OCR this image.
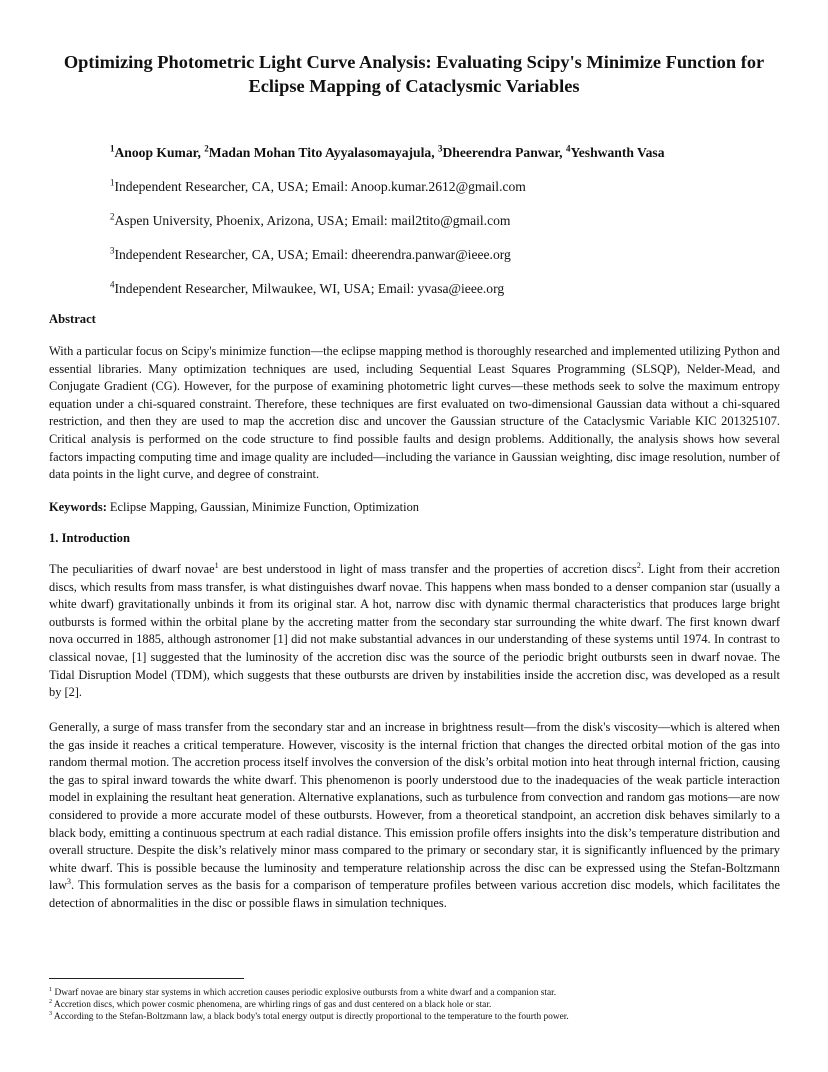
Optimizing Photometric Light Curve Analysis: Evaluating Scipy's Minimize Function for
Eclipse Mapping of Cataclysmic Variables
$^1$Anoop Kumar, $^2$Madan Mohan Tito Ayyalasomayajula, $^3$Dheerendra Panwar, $^4$Yeshwanth Vasa
$^1$Independent Researcher, CA, USA; Email: Anoop.kumar.2612@gmail.com
$^2$Aspen University, Phoenix, Arizona, USA; Email: mail2tito@gmail.com
$^3$Independent Researcher, CA, USA; Email: dheerendra.panwar@ieee.org
$^4$Independent Researcher, Milwaukee, WI, USA; Email: yvasa@ieee.org
Abstract
With a particular focus on Scipy's minimize function—the eclipse mapping method is thoroughly researched and implemented utilizing Python and essential libraries. Many optimization techniques are used, including Sequential Least Squares Programming (SLSQP), Nelder-Mead, and Conjugate Gradient (CG). However, for the purpose of examining photometric light curves—these methods seek to solve the maximum entropy equation under a chi-squared constraint. Therefore, these techniques are first evaluated on two-dimensional Gaussian data without a chi-squared restriction, and then they are used to map the accretion disc and uncover the Gaussian structure of the Cataclysmic Variable KIC 201325107. Critical analysis is performed on the code structure to find possible faults and design problems. Additionally, the analysis shows how several factors impacting computing time and image quality are included—including the variance in Gaussian weighting, disc image resolution, number of data points in the light curve, and degree of constraint.
Keywords: Eclipse Mapping, Gaussian, Minimize Function, Optimization
1. Introduction
The peculiarities of dwarf novae$^1$ are best understood in light of mass transfer and the properties of accretion discs$^2$. Light from their accretion discs, which results from mass transfer, is what distinguishes dwarf novae. This happens when mass bonded to a denser companion star (usually a white dwarf) gravitationally unbinds it from its original star. A hot, narrow disc with dynamic thermal characteristics that produces large bright outbursts is formed within the orbital plane by the accreting matter from the secondary star surrounding the white dwarf. The first known dwarf nova occurred in 1885, although astronomer [1] did not make substantial advances in our understanding of these systems until 1974. In contrast to classical novae, [1] suggested that the luminosity of the accretion disc was the source of the periodic bright outbursts seen in dwarf novae. The Tidal Disruption Model (TDM), which suggests that these outbursts are driven by instabilities inside the accretion disc, was developed as a result by [2].
Generally, a surge of mass transfer from the secondary star and an increase in brightness result—from the disk's viscosity—which is altered when the gas inside it reaches a critical temperature. However, viscosity is the internal friction that changes the directed orbital motion of the gas into random thermal motion. The accretion process itself involves the conversion of the disk’s orbital motion into heat through internal friction, causing the gas to spiral inward towards the white dwarf. This phenomenon is poorly understood due to the inadequacies of the weak particle interaction model in explaining the resultant heat generation. Alternative explanations, such as turbulence from convection and random gas motions—are now considered to provide a more accurate model of these outbursts. However, from a theoretical standpoint, an accretion disk behaves similarly to a black body, emitting a continuous spectrum at each radial distance. This emission profile offers insights into the disk’s temperature distribution and overall structure. Despite the disk’s relatively minor mass compared to the primary or secondary star, it is significantly influenced by the primary white dwarf. This is possible because the luminosity and temperature relationship across the disc can be expressed using the Stefan-Boltzmann law$^3$. This formulation serves as the basis for a comparison of temperature profiles between various accretion disc models, which facilitates the detection of abnormalities in the disc or possible flaws in simulation techniques.
$^1$ Dwarf novae are binary star systems in which accretion causes periodic explosive outbursts from a white dwarf and a companion star.
$^2$ Accretion discs, which power cosmic phenomena, are whirling rings of gas and dust centered on a black hole or star.
$^3$ According to the Stefan-Boltzmann law, a black body's total energy output is directly proportional to the temperature to the fourth power.
